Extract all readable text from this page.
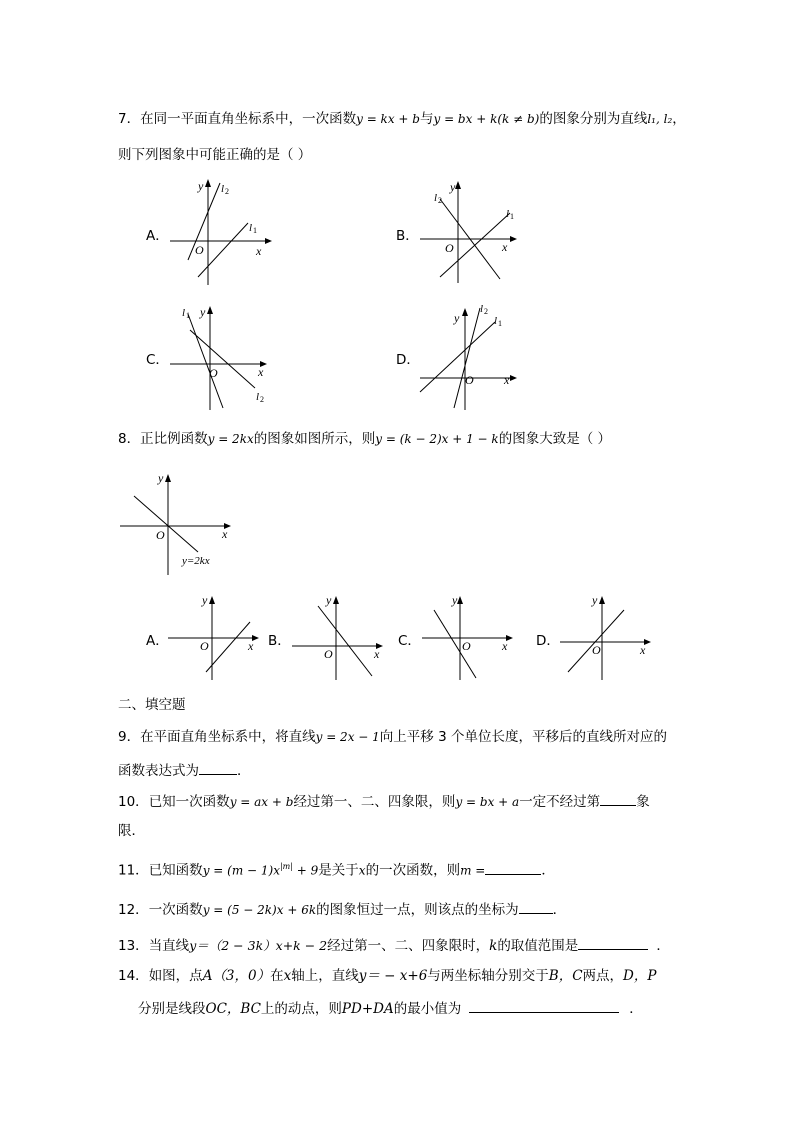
7．在同一平面直角坐标系中，一次函数y = kx + b与y = bx + k(k ≠ b)的图象分别为直线l₁, l₂，
则下列图象中可能正确的是（ ）
A．	B．
C．	D．
y l 2
l 1
O	x
y
l 2
l 1
O	x
y
l 1
l 2
O	x
y
l 2
l 1
O	x
8．正比例函数y = 2kx的图象如图所示，则y = (k − 2)x + 1 − k的图象大致是（ ）
y
O	x
y=2kx
A．	B．	C．	D．
y
O	x
y
O	x
y
O	x
y
O	x
二、填空题
9．在平面直角坐标系中，将直线y = 2x − 1向上平移 3 个单位长度，平移后的直线所对应的
函数表达式为	．
10．已知一次函数y = ax + b经过第一、二、四象限，则y = bx + a一定不经过第	象
限．
11．已知函数$y = (m - 1)x^{|m|} + 9$是关于x的一次函数，则m =	．
12．一次函数y = (5 − 2k)x + 6k的图象恒过一点，则该点的坐标为	．
13．当直线y＝（2 − 3k）x+k − 2经过第一、二、四象限时，k的取值范围是	．
14．如图，点A（3，0）在x轴上，直线y＝ − x+6与两坐标轴分别交于B，C两点，D，P
分别是线段OC，BC上的动点，则PD+DA的最小值为	．
